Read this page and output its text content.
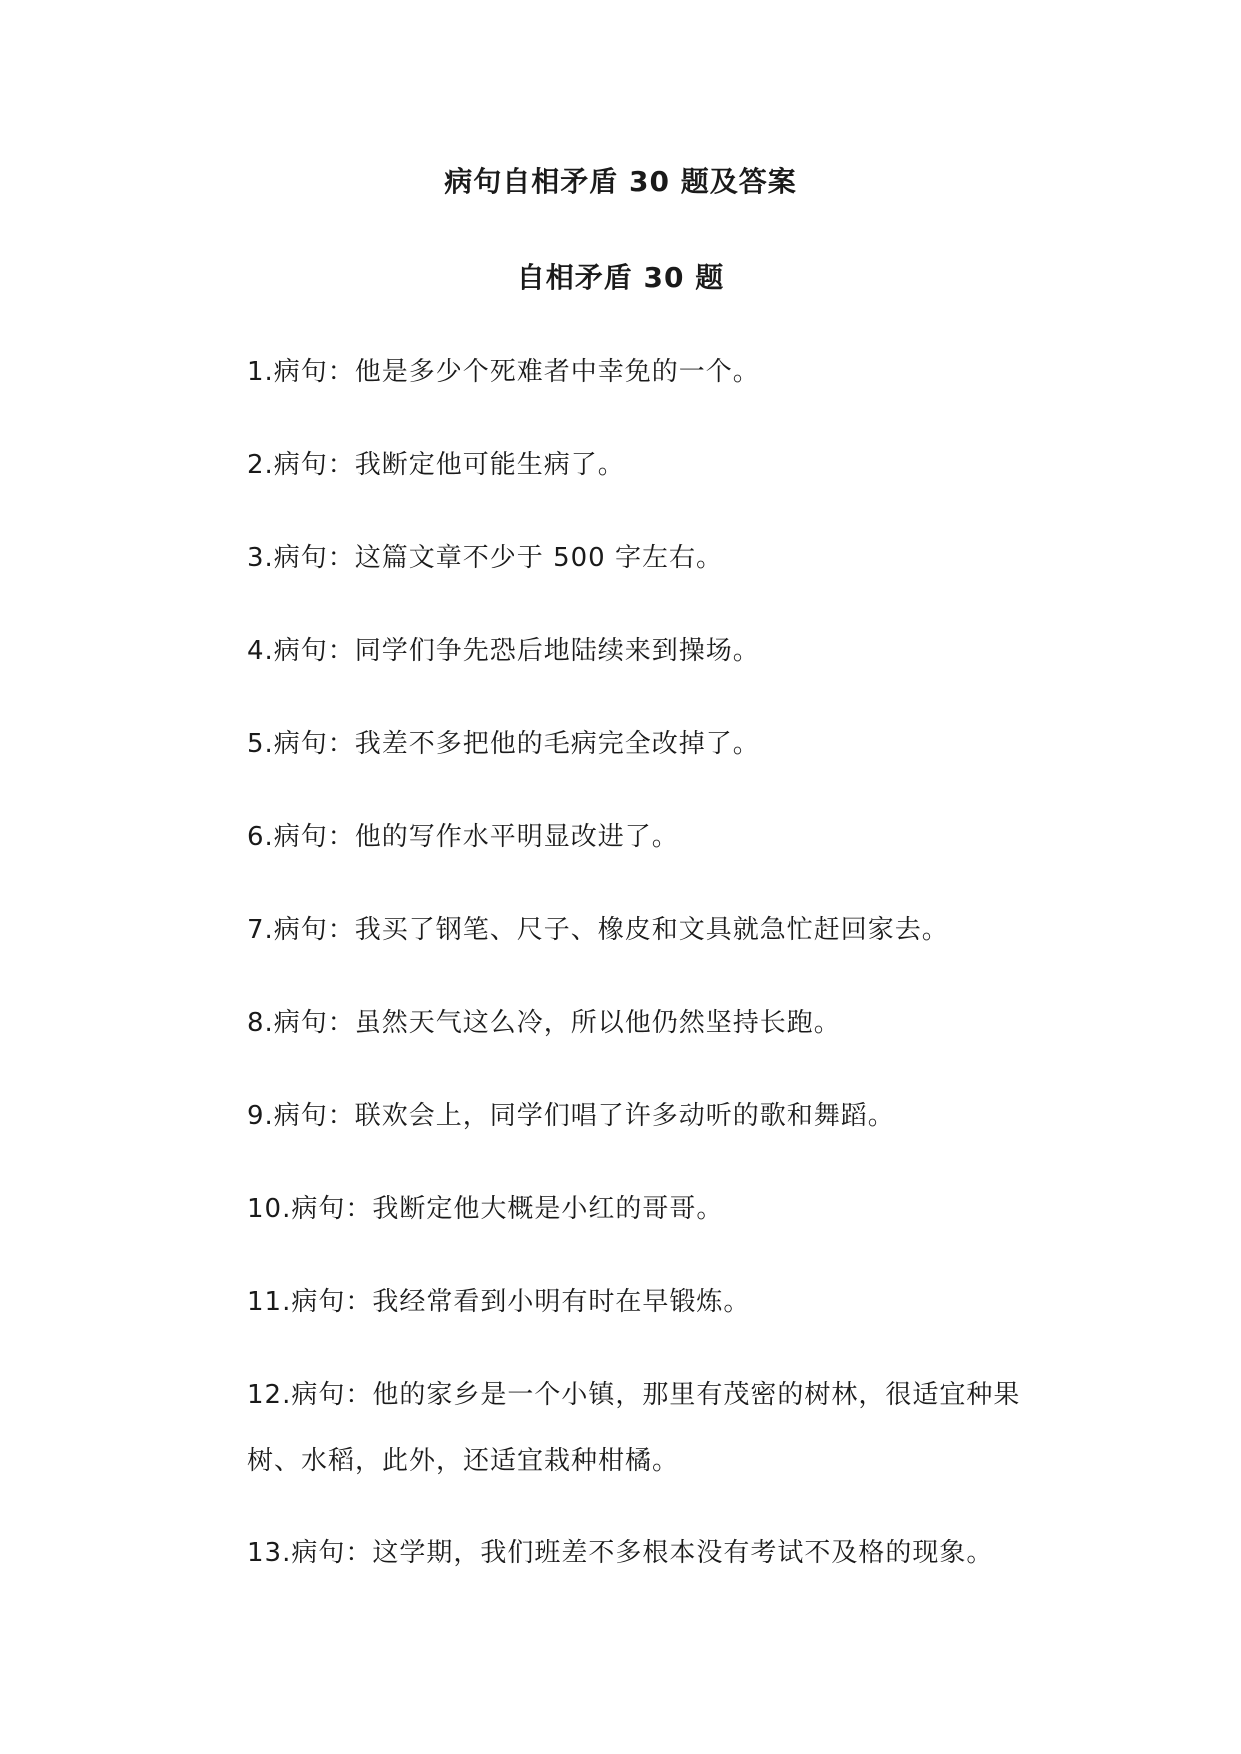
病句自相矛盾 30 题及答案
自相矛盾 30 题
1.病句：他是多少个死难者中幸免的一个。
2.病句：我断定他可能生病了。
3.病句：这篇文章不少于 500 字左右。
4.病句：同学们争先恐后地陆续来到操场。
5.病句：我差不多把他的毛病完全改掉了。
6.病句：他的写作水平明显改进了。
7.病句：我买了钢笔、尺子、橡皮和文具就急忙赶回家去。
8.病句：虽然天气这么冷，所以他仍然坚持长跑。
9.病句：联欢会上，同学们唱了许多动听的歌和舞蹈。
10.病句：我断定他大概是小红的哥哥。
11.病句：我经常看到小明有时在早锻炼。
12.病句：他的家乡是一个小镇，那里有茂密的树林，很适宜种果树、水稻，此外，还适宜栽种柑橘。
13.病句：这学期，我们班差不多根本没有考试不及格的现象。
